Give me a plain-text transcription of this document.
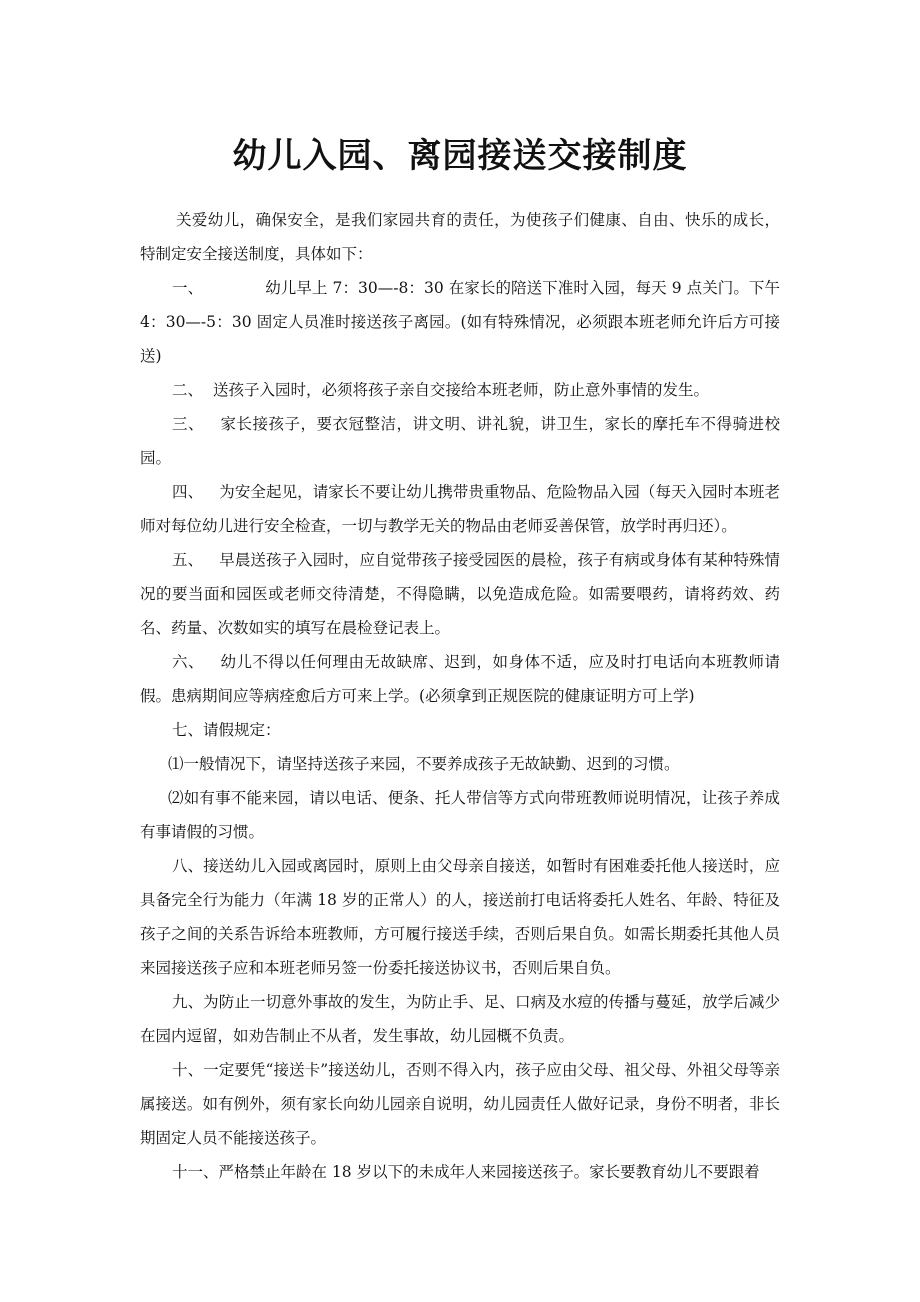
幼儿入园、离园接送交接制度

关爱幼儿，确保安全，是我们家园共育的责任，为使孩子们健康、自由、快乐的成长，特制定安全接送制度，具体如下：

一、	幼儿早上 7：30—-8：30 在家长的陪送下准时入园，每天 9 点关门。下午 4：30—-5：30 固定人员准时接送孩子离园。(如有特殊情况，必须跟本班老师允许后方可接送)

二、 送孩子入园时，必须将孩子亲自交接给本班老师，防止意外事情的发生。

三、 家长接孩子，要衣冠整洁，讲文明、讲礼貌，讲卫生，家长的摩托车不得骑进校园。

四、 为安全起见，请家长不要让幼儿携带贵重物品、危险物品入园（每天入园时本班老师对每位幼儿进行安全检查，一切与教学无关的物品由老师妥善保管，放学时再归还）。

五、 早晨送孩子入园时，应自觉带孩子接受园医的晨检，孩子有病或身体有某种特殊情况的要当面和园医或老师交待清楚，不得隐瞒，以免造成危险。如需要喂药，请将药效、药名、药量、次数如实的填写在晨检登记表上。

六、 幼儿不得以任何理由无故缺席、迟到，如身体不适，应及时打电话向本班教师请假。患病期间应等病痊愈后方可来上学。(必须拿到正规医院的健康证明方可上学)

七、请假规定：

⑴一般情况下，请坚持送孩子来园，不要养成孩子无故缺勤、迟到的习惯。

⑵如有事不能来园，请以电话、便条、托人带信等方式向带班教师说明情况，让孩子养成有事请假的习惯。

八、接送幼儿入园或离园时，原则上由父母亲自接送，如暂时有困难委托他人接送时，应具备完全行为能力（年满 18 岁的正常人）的人，接送前打电话将委托人姓名、年龄、特征及孩子之间的关系告诉给本班教师，方可履行接送手续，否则后果自负。如需长期委托其他人员来园接送孩子应和本班老师另签一份委托接送协议书，否则后果自负。

九、为防止一切意外事故的发生，为防止手、足、口病及水痘的传播与蔓延，放学后减少在园内逗留，如劝告制止不从者，发生事故，幼儿园概不负责。

十、一定要凭“接送卡”接送幼儿，否则不得入内，孩子应由父母、祖父母、外祖父母等亲属接送。如有例外，须有家长向幼儿园亲自说明，幼儿园责任人做好记录，身份不明者，非长期固定人员不能接送孩子。

十一、严格禁止年龄在 18 岁以下的未成年人来园接送孩子。家长要教育幼儿不要跟着
